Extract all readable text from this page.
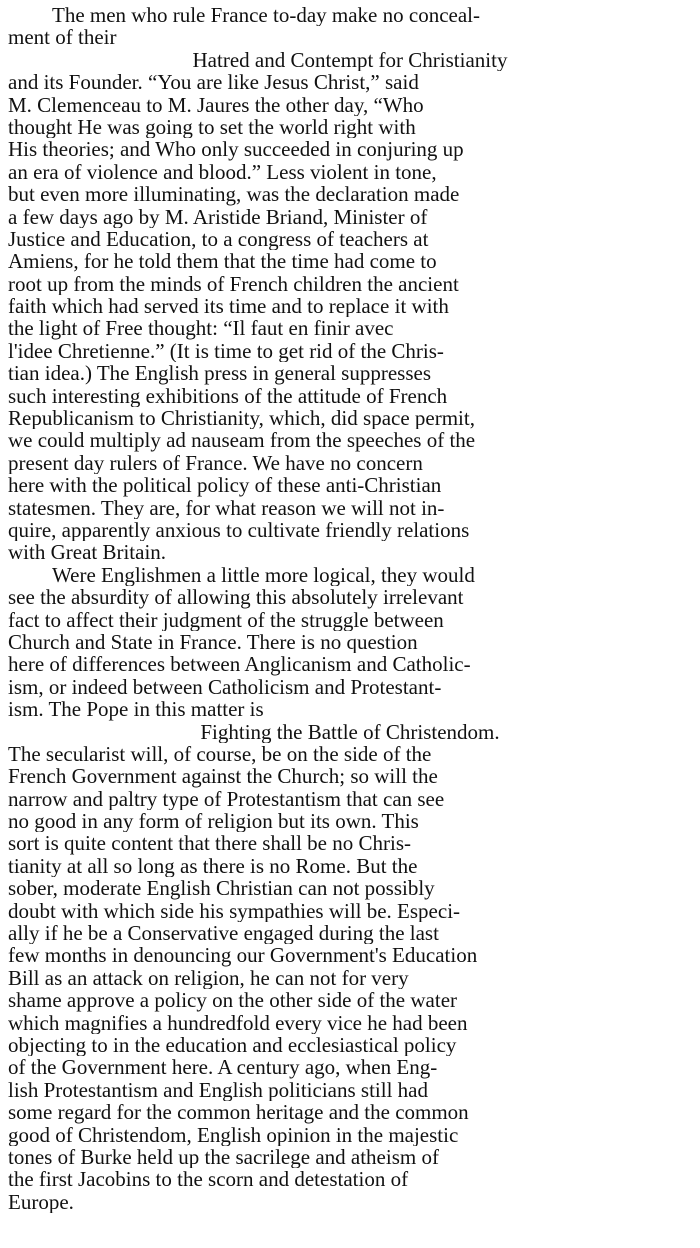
The men who rule France to-day make no conceal-
ment of their
Hatred and Contempt for Christianity
and its Founder. “You are like Jesus Christ,” said
M. Clemenceau to M. Jaures the other day, “Who
thought He was going to set the world right with
His theories; and Who only succeeded in conjuring up
an era of violence and blood.” Less violent in tone,
but even more illuminating, was the declaration made
a few days ago by M. Aristide Briand, Minister of
Justice and Education, to a congress of teachers at
Amiens, for he told them that the time had come to
root up from the minds of French children the ancient
faith which had served its time and to replace it with
the light of Free thought: “Il faut en finir avec
l'idee Chretienne.” (It is time to get rid of the Chris-
tian idea.) The English press in general suppresses
such interesting exhibitions of the attitude of French
Republicanism to Christianity, which, did space permit,
we could multiply ad nauseam from the speeches of the
present day rulers of France. We have no concern
here with the political policy of these anti-Christian
statesmen. They are, for what reason we will not in-
quire, apparently anxious to cultivate friendly relations
with Great Britain.
Were Englishmen a little more logical, they would
see the absurdity of allowing this absolutely irrelevant
fact to affect their judgment of the struggle between
Church and State in France. There is no question
here of differences between Anglicanism and Catholic-
ism, or indeed between Catholicism and Protestant-
ism. The Pope in this matter is
Fighting the Battle of Christendom.
The secularist will, of course, be on the side of the
French Government against the Church; so will the
narrow and paltry type of Protestantism that can see
no good in any form of religion but its own. This
sort is quite content that there shall be no Chris-
tianity at all so long as there is no Rome. But the
sober, moderate English Christian can not possibly
doubt with which side his sympathies will be. Especi-
ally if he be a Conservative engaged during the last
few months in denouncing our Government's Education
Bill as an attack on religion, he can not for very
shame approve a policy on the other side of the water
which magnifies a hundredfold every vice he had been
objecting to in the education and ecclesiastical policy
of the Government here. A century ago, when Eng-
lish Protestantism and English politicians still had
some regard for the common heritage and the common
good of Christendom, English opinion in the majestic
tones of Burke held up the sacrilege and atheism of
the first Jacobins to the scorn and detestation of
Europe.
